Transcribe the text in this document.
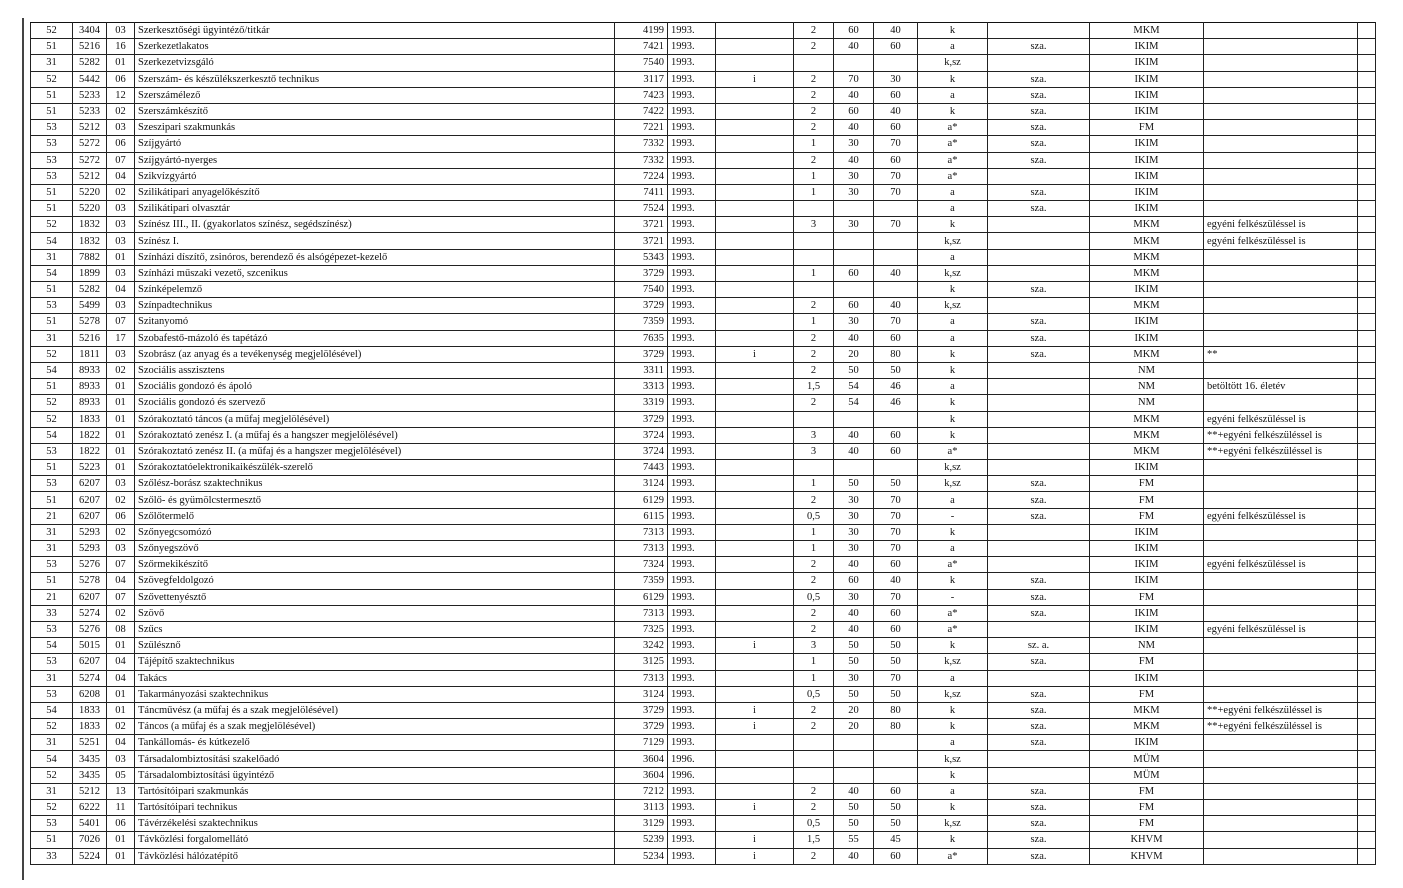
52	3404	03	Szerkesztőségi ügyintéző/titkár	4199	1993.		2	60	40	k		MKM		
51	5216	16	Szerkezetlakatos	7421	1993.		2	40	60	a	sza.	IKIM		
31	5282	01	Szerkezetvizsgáló	7540	1993.					k,sz		IKIM		
52	5442	06	Szerszám- és készülékszerkesztő technikus	3117	1993.	i	2	70	30	k	sza.	IKIM		
51	5233	12	Szerszámélező	7423	1993.		2	40	60	a	sza.	IKIM		
51	5233	02	Szerszámkészítő	7422	1993.		2	60	40	k	sza.	IKIM		
53	5212	03	Szeszipari szakmunkás	7221	1993.		2	40	60	a*	sza.	FM		
53	5272	06	Szíjgyártó	7332	1993.		1	30	70	a*	sza.	IKIM		
53	5272	07	Szíjgyártó-nyerges	7332	1993.		2	40	60	a*	sza.	IKIM		
53	5212	04	Szikvízgyártó	7224	1993.		1	30	70	a*		IKIM		
51	5220	02	Szilikátipari anyagelőkészítő	7411	1993.		1	30	70	a	sza.	IKIM		
51	5220	03	Szilikátipari olvasztár	7524	1993.					a	sza.	IKIM		
52	1832	03	Színész III., II. (gyakorlatos színész, segédszínész)	3721	1993.		3	30	70	k		MKM	egyéni felkészüléssel is	
54	1832	03	Színész I.	3721	1993.					k,sz		MKM	egyéni felkészüléssel is	
31	7882	01	Színházi díszítő, zsinóros, berendező és alsógépezet-kezelő	5343	1993.					a		MKM		
54	1899	03	Színházi műszaki vezető, szcenikus	3729	1993.		1	60	40	k,sz		MKM		
51	5282	04	Színképelemző	7540	1993.					k	sza.	IKIM		
53	5499	03	Színpadtechnikus	3729	1993.		2	60	40	k,sz		MKM		
51	5278	07	Szitanyomó	7359	1993.		1	30	70	a	sza.	IKIM		
31	5216	17	Szobafestő-mázoló és tapétázó	7635	1993.		2	40	60	a	sza.	IKIM		
52	1811	03	Szobrász (az anyag és a tevékenység megjelölésével)	3729	1993.	i	2	20	80	k	sza.	MKM	**	
54	8933	02	Szociális asszisztens	3311	1993.		2	50	50	k		NM		
51	8933	01	Szociális gondozó és ápoló	3313	1993.		1,5	54	46	a		NM	betöltött 16. életév	
52	8933	01	Szociális gondozó és szervező	3319	1993.		2	54	46	k		NM		
52	1833	01	Szórakoztató táncos (a műfaj megjelölésével)	3729	1993.					k		MKM	egyéni felkészüléssel is	
54	1822	01	Szórakoztató zenész I. (a műfaj és a hangszer megjelölésével)	3724	1993.		3	40	60	k		MKM	**+egyéni felkészüléssel is	
53	1822	01	Szórakoztató zenész II. (a műfaj és a hangszer megjelölésével)	3724	1993.		3	40	60	a*		MKM	**+egyéni felkészüléssel is	
51	5223	01	Szórakoztatóelektronikaikészülék-szerelő	7443	1993.					k,sz		IKIM		
53	6207	03	Szőlész-borász szaktechnikus	3124	1993.		1	50	50	k,sz	sza.	FM		
51	6207	02	Szőlő- és gyümölcstermesztő	6129	1993.		2	30	70	a	sza.	FM		
21	6207	06	Szőlőtermelő	6115	1993.		0,5	30	70	-	sza.	FM	egyéni felkészüléssel is	
31	5293	02	Szőnyegcsomózó	7313	1993.		1	30	70	k		IKIM		
31	5293	03	Szőnyegszövő	7313	1993.		1	30	70	a		IKIM		
53	5276	07	Szőrmekikészítő	7324	1993.		2	40	60	a*		IKIM	egyéni felkészüléssel is	
51	5278	04	Szövegfeldolgozó	7359	1993.		2	60	40	k	sza.	IKIM		
21	6207	07	Szővettenyésztő	6129	1993.		0,5	30	70	-	sza.	FM		
33	5274	02	Szövő	7313	1993.		2	40	60	a*	sza.	IKIM		
53	5276	08	Szűcs	7325	1993.		2	40	60	a*		IKIM	egyéni felkészüléssel is	
54	5015	01	Szülésznő	3242	1993.	i	3	50	50	k	sz. a.	NM		
53	6207	04	Tájépítő szaktechnikus	3125	1993.		1	50	50	k,sz	sza.	FM		
31	5274	04	Takács	7313	1993.		1	30	70	a		IKIM		
53	6208	01	Takarmányozási szaktechnikus	3124	1993.		0,5	50	50	k,sz	sza.	FM		
54	1833	01	Táncművész (a műfaj és a szak megjelölésével)	3729	1993.	i	2	20	80	k	sza.	MKM	**+egyéni felkészüléssel is	
52	1833	02	Táncos (a műfaj és a szak megjelölésével)	3729	1993.	i	2	20	80	k	sza.	MKM	**+egyéni felkészüléssel is	
31	5251	04	Tankállomás- és kútkezelő	7129	1993.					a	sza.	IKIM		
54	3435	03	Társadalombiztosítási szakelőadó	3604	1996.					k,sz		MÜM		
52	3435	05	Társadalombiztosítási ügyintéző	3604	1996.					k		MÜM		
31	5212	13	Tartósítóipari szakmunkás	7212	1993.		2	40	60	a	sza.	FM		
52	6222	11	Tartósítóipari technikus	3113	1993.	i	2	50	50	k	sza.	FM		
53	5401	06	Távérzékelési szaktechnikus	3129	1993.		0,5	50	50	k,sz	sza.	FM		
51	7026	01	Távközlési forgalomellátó	5239	1993.	i	1,5	55	45	k	sza.	KHVM		
33	5224	01	Távközlési hálózatépítő	5234	1993.	i	2	40	60	a*	sza.	KHVM		
